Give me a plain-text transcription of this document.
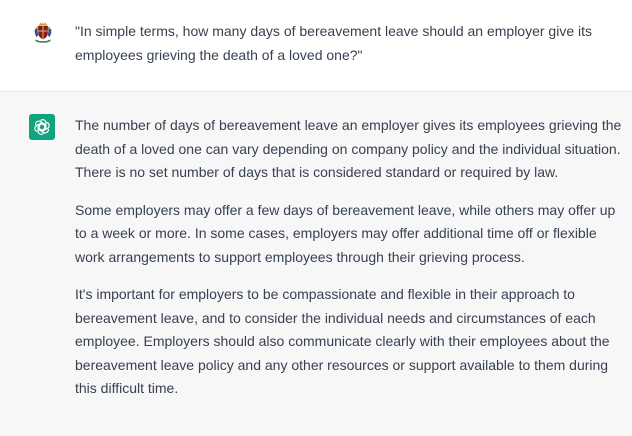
"In simple terms, how many days of bereavement leave should an employer give its employees grieving the death of a loved one?"

The number of days of bereavement leave an employer gives its employees grieving the death of a loved one can vary depending on company policy and the individual situation. There is no set number of days that is considered standard or required by law.

Some employers may offer a few days of bereavement leave, while others may offer up to a week or more. In some cases, employers may offer additional time off or flexible work arrangements to support employees through their grieving process.

It's important for employers to be compassionate and flexible in their approach to bereavement leave, and to consider the individual needs and circumstances of each employee. Employers should also communicate clearly with their employees about the bereavement leave policy and any other resources or support available to them during this difficult time.
